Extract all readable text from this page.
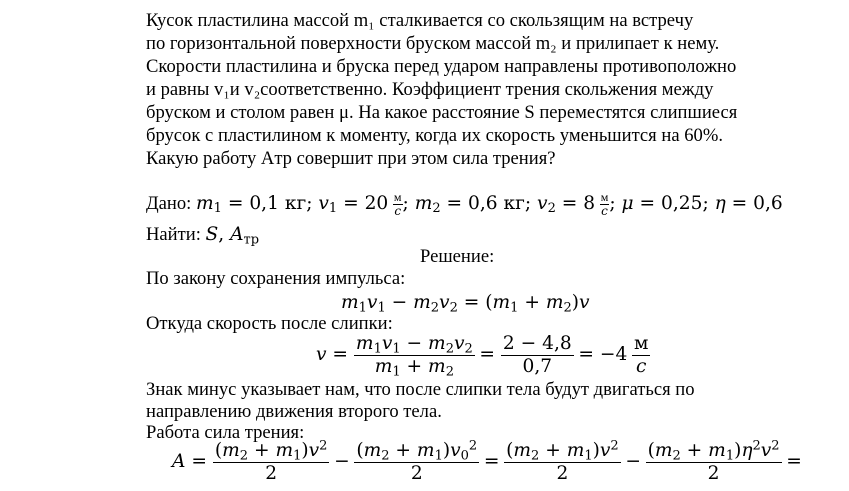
Кусок пластилина массой m₁ сталкивается со скользящим на встречу
по горизонтальной поверхности бруском массой m₂ и прилипает к нему.
Скорости пластилина и бруска перед ударом направлены противоположно
и равны v₁и v₂соответственно. Коэффициент трения скольжения между
бруском и столом равен μ. На какое расстояние S переместятся слипшиеся
брусок с пластилином к моменту, когда их скорость уменьшится на 60%.
Какую работу Aтр совершит при этом сила трения?
Дано: $m_1 = 0,1$ кг; $v_1 = 20 \frac{м}{с}$ ; $m_2 = 0,6$ кг; $v_2 = 8 \frac{м}{с}$ ; μ = 0,25; η = 0,6
Найти: S, $A_{тр}$
Решение:
По закону сохранения импульса:
$m_1v_1 - m_2v_2 = (m_1 + m_2)v$
Откуда скорость после слипки:
$v = \frac{m_1v_1 - m_2v_2}{m_1 + m_2} = \frac{2 - 4,8}{0,7} = -4 \frac{м}{с}$
Знак минус указывает нам, что после слипки тела будут двигаться по
направлению движения второго тела.
Работа сила трения:
$A = \frac{(m_2 + m_1)v^2}{2} - \frac{(m_2 + m_1)v_0^2}{2} = \frac{(m_2 + m_1)v^2}{2} - \frac{(m_2 + m_1)\eta^2v^2}{2}$ =
